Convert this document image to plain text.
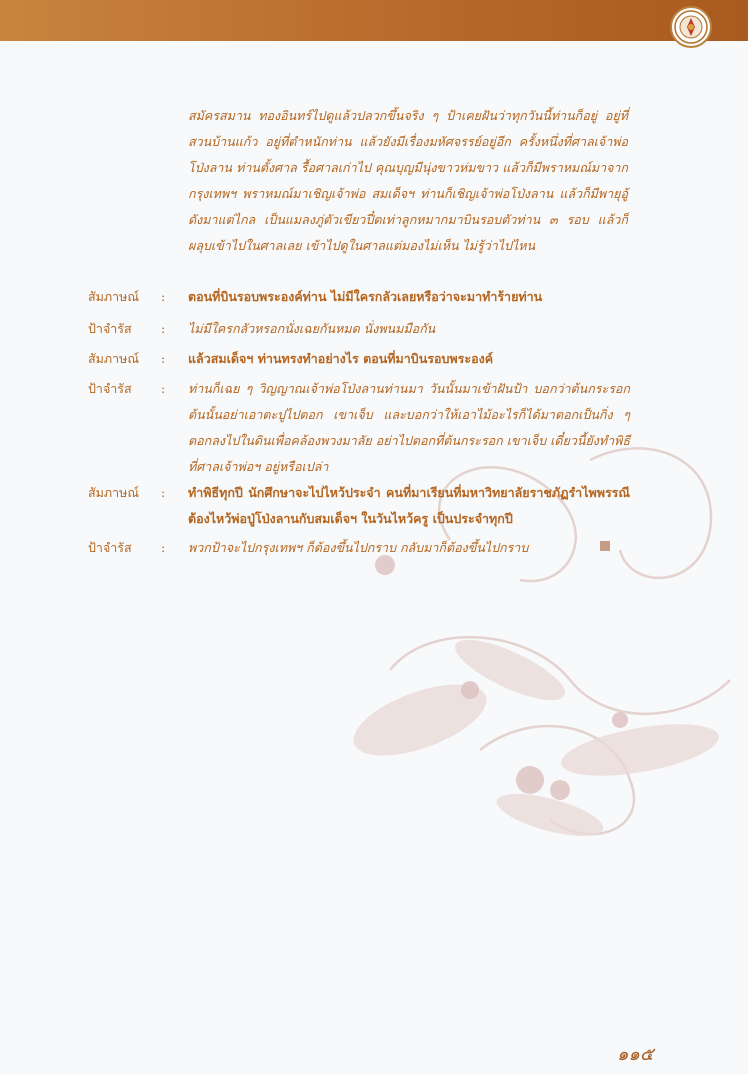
สมัครสมาน ทองอินทร์ไปดูแล้วปลวกขึ้นจริง ๆ ป้าเคยฝันว่าทุกวันนี้ท่านก็อยู่ อยู่ที่สวนบ้านแก้ว อยู่ที่ตำหนักท่าน แล้วยังมีเรื่องมหัศจรรย์อยู่อีก ครั้งหนึ่งที่ศาลเจ้าพ่อโป่งลาน ท่านตั้งศาล รื้อศาลเก่าไป คุณบุญมีนุ่งขาวห่มขาว แล้วก็มีพราหมณ์มาจากกรุงเทพฯ พราหมณ์มาเชิญเจ้าพ่อ สมเด็จฯ ท่านก็เชิญเจ้าพ่อโป่งลาน แล้วก็มีพายุอู้ดังมาแต่ไกล เป็นแมลงภู่ตัวเขียวปี๋ตเท่าลูกหมากมาบินรอบตัวท่าน ๓ รอบ แล้วก็ผลุบเข้าไปในศาลเลย เข้าไปดูในศาลแต่มองไม่เห็น ไม่รู้ว่าไปไหน

สัมภาษณ์	:	ตอนที่บินรอบพระองค์ท่าน ไม่มีใครกลัวเลยหรือว่าจะมาทำร้ายท่าน
ป้าจำรัส	:	ไม่มีใครกลัวหรอกนั่งเฉยกันหมด นั่งพนมมือกัน
สัมภาษณ์	:	แล้วสมเด็จฯ ท่านทรงทำอย่างไร ตอนที่มาบินรอบพระองค์
ป้าจำรัส	:	ท่านก็เฉย ๆ วิญญาณเจ้าพ่อโป่งลานท่านมา วันนั้นมาเข้าฝันป้า บอกว่าต้นกระรอกต้นนั้นอย่าเอาตะปูไปตอก เขาเจ็บ และบอกว่าให้เอาไม้อะไรก็ได้มาตอกเป็นกิ่ง ๆ ตอกลงไปในดินเพื่อคล้องพวงมาลัย อย่าไปตอกที่ต้นกระรอก เขาเจ็บ เดี๋ยวนี้ยังทำพิธีที่ศาลเจ้าพ่อฯ อยู่หรือเปล่า
สัมภาษณ์	:	ทำพิธีทุกปี นักศึกษาจะไปไหว้ประจำ คนที่มาเรียนที่มหาวิทยาลัยราชภัฏรำไพพรรณีต้องไหว้พ่อปู่โป่งลานกับสมเด็จฯ ในวันไหว้ครู เป็นประจำทุกปี
ป้าจำรัส	:	พวกป้าจะไปกรุงเทพฯ ก็ต้องขึ้นไปกราบ กลับมาก็ต้องขึ้นไปกราบ
๑๑๕
